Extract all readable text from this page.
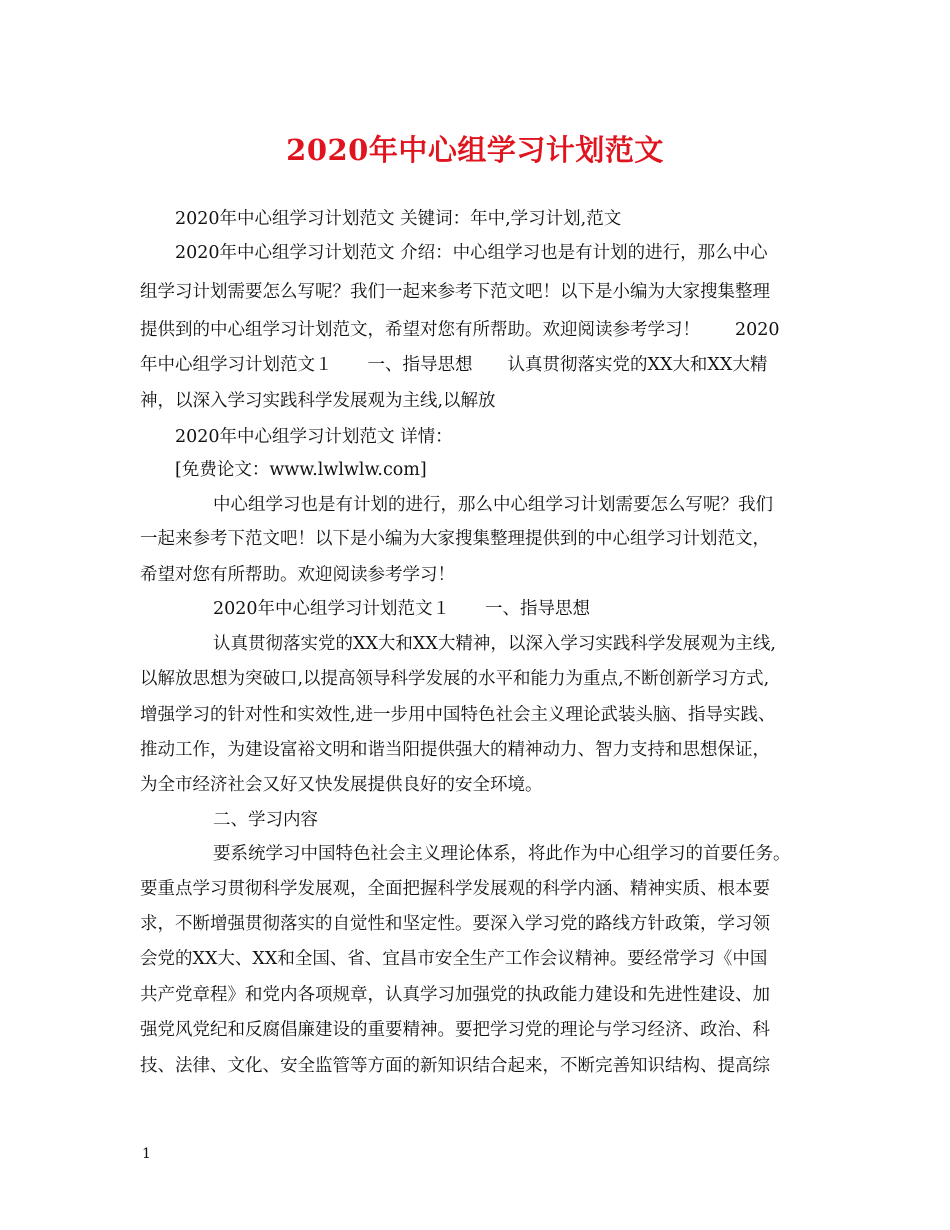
2020年中心组学习计划范文
2020年中心组学习计划范文 关键词：年中,学习计划,范文
2020年中心组学习计划范文 介绍：中心组学习也是有计划的进行，那么中心
组学习计划需要怎么写呢？我们一起来参考下范文吧！以下是小编为大家搜集整理
提供到的中心组学习计划范文，希望对您有所帮助。欢迎阅读参考学习！　　2020
年中心组学习计划范文１　　一、指导思想　　认真贯彻落实党的XX大和XX大精
神，以深入学习实践科学发展观为主线,以解放
2020年中心组学习计划范文 详情：
[免费论文：www.lwlwlw.com]
中心组学习也是有计划的进行，那么中心组学习计划需要怎么写呢？我们
一起来参考下范文吧！以下是小编为大家搜集整理提供到的中心组学习计划范文，
希望对您有所帮助。欢迎阅读参考学习！
2020年中心组学习计划范文１　　一、指导思想
认真贯彻落实党的XX大和XX大精神，以深入学习实践科学发展观为主线,
以解放思想为突破口,以提高领导科学发展的水平和能力为重点,不断创新学习方式,
增强学习的针对性和实效性,进一步用中国特色社会主义理论武装头脑、指导实践、
推动工作，为建设富裕文明和谐当阳提供强大的精神动力、智力支持和思想保证，
为全市经济社会又好又快发展提供良好的安全环境。
二、学习内容
要系统学习中国特色社会主义理论体系，将此作为中心组学习的首要任务。
要重点学习贯彻科学发展观，全面把握科学发展观的科学内涵、精神实质、根本要
求，不断增强贯彻落实的自觉性和坚定性。要深入学习党的路线方针政策，学习领
会党的XX大、XX和全国、省、宜昌市安全生产工作会议精神。要经常学习《中国
共产党章程》和党内各项规章，认真学习加强党的执政能力建设和先进性建设、加
强党风党纪和反腐倡廉建设的重要精神。要把学习党的理论与学习经济、政治、科
技、法律、文化、安全监管等方面的新知识结合起来，不断完善知识结构、提高综
1
